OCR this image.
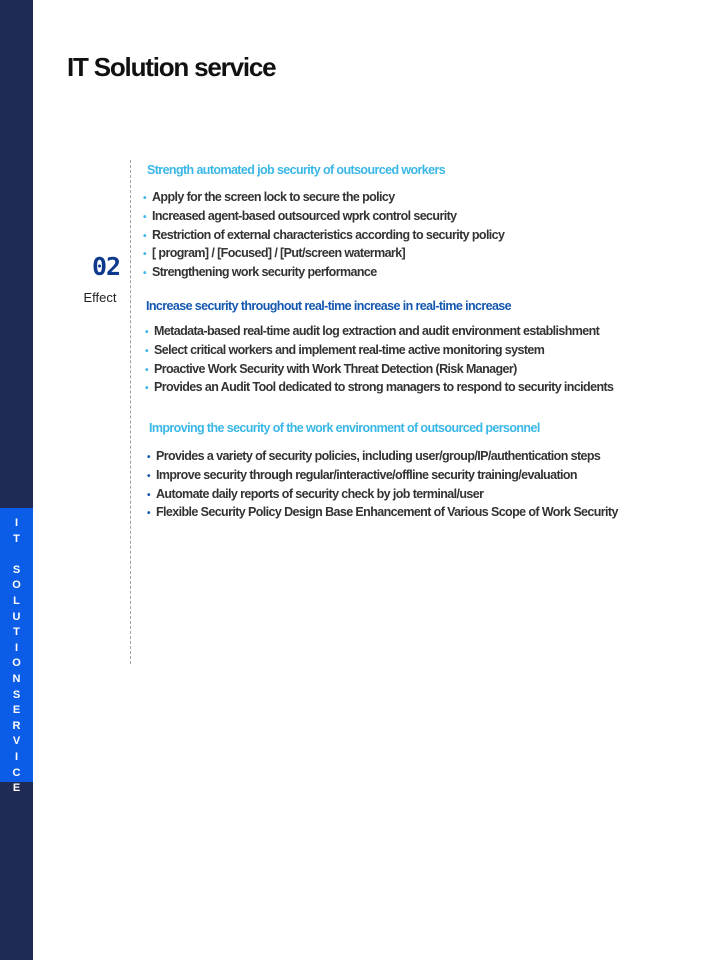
I
T
S
O
L
U
T
I
O
N
S
E
R
V
I
C
E
IT Solution service
02
Effect
Strength automated job security of outsourced workers
• Apply for the screen lock to secure the policy
• Increased agent-based outsourced wprk control security
• Restriction of external characteristics according to security policy
• [ program] / [Focused] / [Put/screen watermark]
• Strengthening work security performance
Increase security throughout real-time increase in real-time increase
• Metadata-based real-time audit log extraction and audit environment establishment
• Select critical workers and implement real-time active monitoring system
• Proactive Work Security with Work Threat Detection (Risk Manager)
• Provides an Audit Tool dedicated to strong managers to respond to security incidents
Improving the security of the work environment of outsourced personnel
• Provides a variety of security policies, including user/group/IP/authentication steps
• Improve security through regular/interactive/offline security training/evaluation
• Automate daily reports of security check by job terminal/user
• Flexible Security Policy Design Base Enhancement of Various Scope of Work Security
